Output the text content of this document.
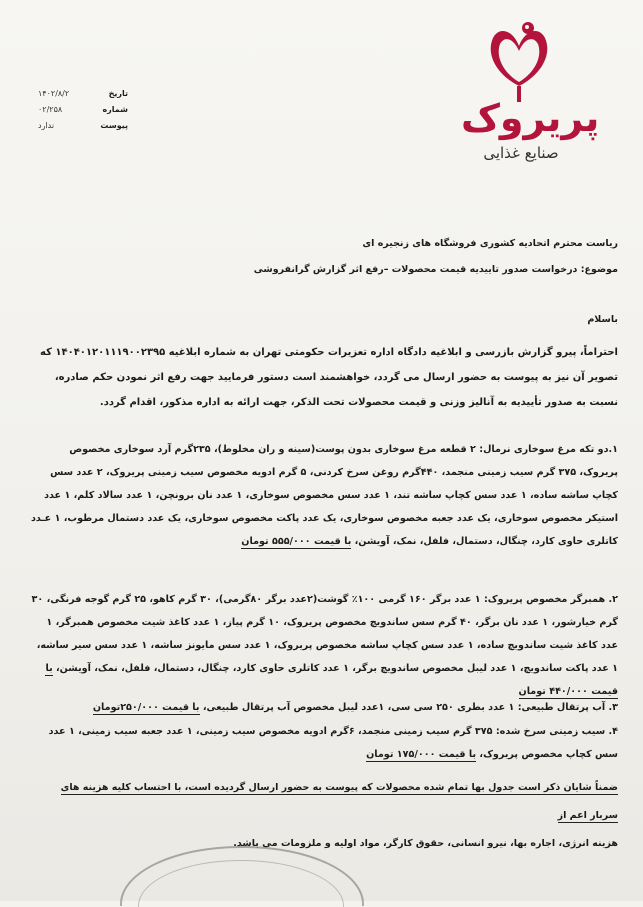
پریروک
صنایع غذایی
تاریخ
۱۴۰۲/۸/۲
شماره
۰۲/۲۵۸
پیوست
ندارد
ریاست محترم اتحادیه کشوری فروشگاه های زنجیره ای
موضوع: درخواست صدور تاییدیه قیمت محصولات –رفع اثر گزارش گرانفروشی
باسلام
احتراماً، پیرو گزارش بازرسی و ابلاغیه دادگاه اداره تعزیرات حکومتی تهران به شماره ابلاغیه ۱۴۰۴۰۱۲۰۱۱۱۹۰۰۲۳۹۵ که تصویر آن نیز به پیوست به حضور ارسال می گردد، خواهشمند است دستور فرمایید جهت رفع اثر نمودن حکم صادره، نسبت به صدور تأییدیه به آنالیز وزنی و قیمت محصولات تحت الذکر، جهت ارائه به اداره مذکور، اقدام گردد.
۱.دو تکه مرغ سوخاری نرمال: ۲ قطعه مرغ سوخاری بدون پوست(سینه و ران مخلوط)، ۲۳۵گرم آرد سوخاری مخصوص پریروک، ۳۷۵ گرم سیب زمینی منجمد، ۴۴۰گرم روغن سرخ کردنی، ۵ گرم ادویه مخصوص سیب زمینی پریروک، ۲ عدد سس کچاپ ساشه ساده، ۱ عدد سس کچاپ ساشه تند، ۱ عدد سس مخصوص سوخاری، ۱ عدد نان برونچن، ۱ عدد سالاد کلم، ۱ عدد استیکر مخصوص سوخاری، یک عدد جعبه مخصوص سوخاری، یک عدد پاکت مخصوص سوخاری، یک عدد دستمال مرطوب، ۱ عـدد کاتلری حاوی کارد، چنگال، دستمال، فلفل، نمک، آویشن، با قیمت ۵۵۵/۰۰۰ تومان
۲. همبرگر مخصوص پریروک: ۱ عدد برگر ۱۶۰ گرمی ۱۰۰٪ گوشت(۲عدد برگر ۸۰گرمی)، ۳۰ گرم کاهو، ۲۵ گرم گوجه فرنگی، ۳۰ گرم خیارشور، ۱ عدد نان برگر، ۴۰ گرم سس ساندویچ مخصوص پریروک، ۱۰ گرم پیاز، ۱ عدد کاغذ شیت مخصوص همبرگر، ۱ عدد کاغذ شیت ساندویچ ساده، ۱ عدد سس کچاپ ساشه مخصوص پریروک، ۱ عدد سس مایونز ساشه، ۱ عدد سس سیر ساشه، ۱ عدد پاکت ساندویچ، ۱ عدد لیبل مخصوص ساندویچ برگر، ۱ عدد کاتلری حاوی کارد، چنگال، دستمال، فلفل، نمک، آویشن، با قیمت ۴۴۰/۰۰۰ تومان
۳. آب پرتقال طبیعی: ۱ عدد بطری ۲۵۰ سی سی، ۱عدد لیبل مخصوص آب پرتقال طبیعی، با قیمت ۲۵۰/۰۰۰تومان
۴. سیب زمینی سرخ شده: ۳۷۵ گرم سیب زمینی منجمد، ۶گرم ادویه مخصوص سیب زمینی، ۱ عدد جعبه سیب زمینی، ۱ عدد سس کچاپ مخصوص پریروک، با قیمت ۱۷۵/۰۰۰ تومان
ضمناً شایان ذکر است جدول بها تمام شده محصولات که پیوست به حضور ارسال گردیده است، با احتساب کلیه هزینه های سربار اعم از
هزینه انرژی، اجاره بها، نیرو انسانی، حقوق کارگر، مواد اولیه و ملزومات می باشد.
